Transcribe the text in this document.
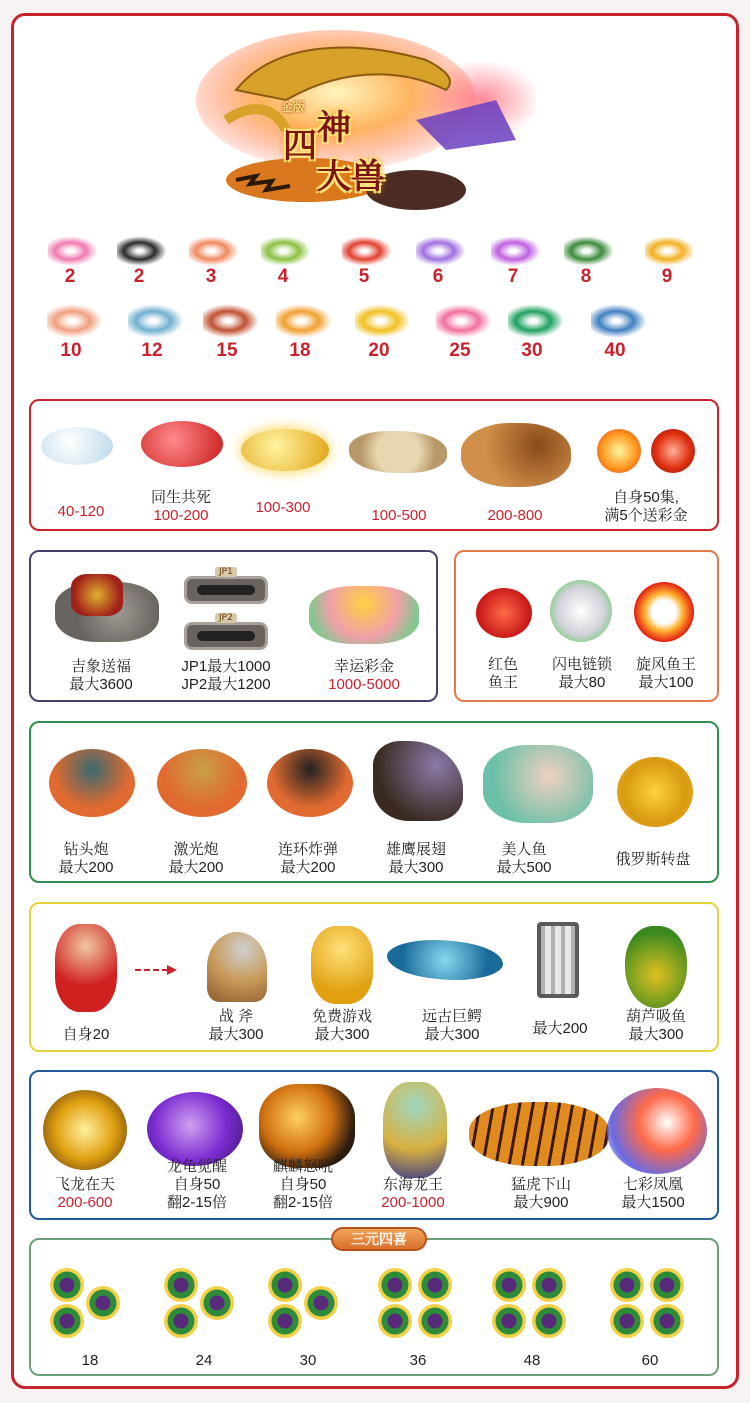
金版
四神
大兽
2	2	3	4	5	6	7	8	9
10	12	15	18	20	25	30	40
40-120
同生共死
100-200	100-300	100-500	200-800
自身50集,
满5个送彩金
JP1
JP2
吉象送福
最大3600
JP1最大1000
JP2最大1200
幸运彩金
1000-5000
红色
鱼王
闪电链锁
最大80
旋风鱼王
最大100
钻头炮
最大200
激光炮
最大200
连环炸弹
最大200
雄鹰展翅
最大300
美人鱼
最大500	俄罗斯转盘
自身20
战 斧
最大300
免费游戏
最大300
远古巨鳄
最大300	最大200
葫芦吸鱼
最大300
飞龙在天
200-600
龙龟觉醒
自身50
翻2-15倍
麒麟怒吼
自身50
翻2-15倍
东海龙王
200-1000
猛虎下山
最大900
七彩凤凰
最大1500
三元四喜
18	24	30	36	48	60
